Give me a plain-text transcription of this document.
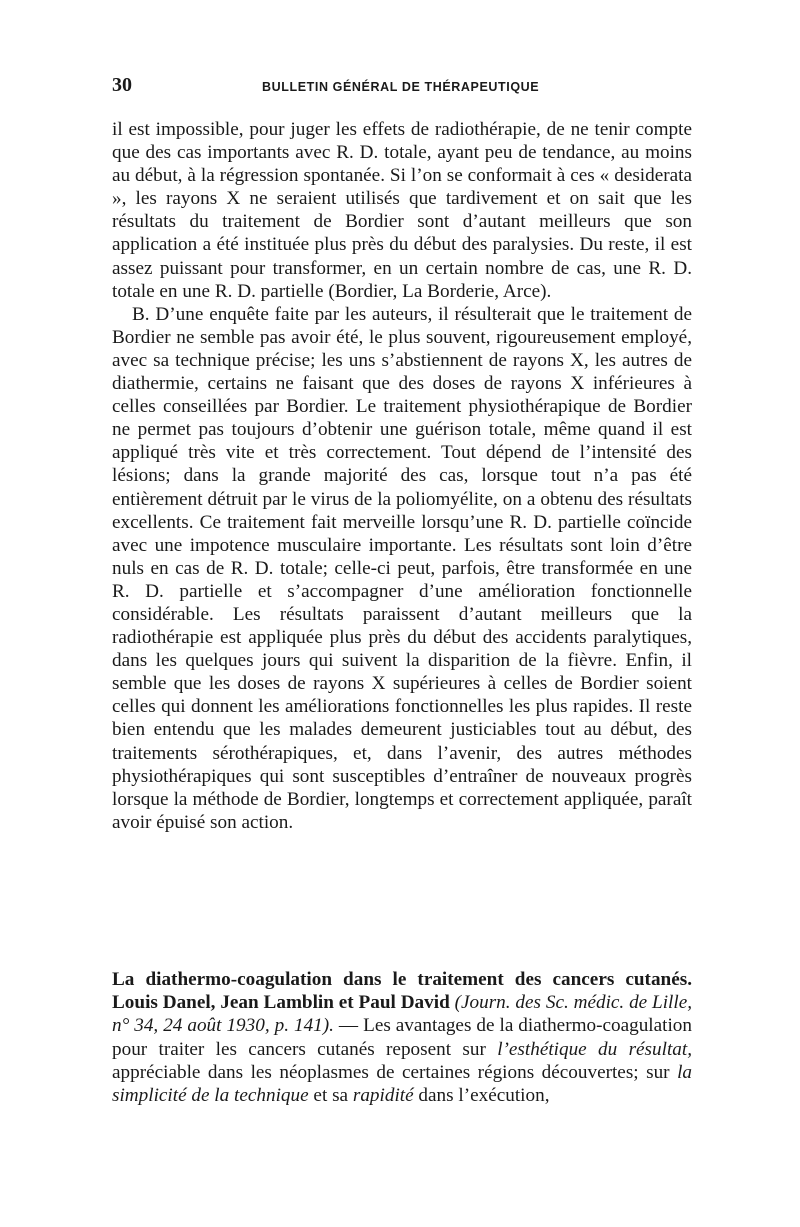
30	BULLETIN GÉNÉRAL DE THÉRAPEUTIQUE

il est impossible, pour juger les effets de radiothérapie, de ne tenir compte que des cas importants avec R. D. totale, ayant peu de tendance, au moins au début, à la régression spontanée. Si l’on se conformait à ces « desiderata », les rayons X ne seraient utilisés que tardivement et on sait que les résultats du traitement de Bordier sont d’autant meilleurs que son application a été instituée plus près du début des paralysies. Du reste, il est assez puissant pour transformer, en un certain nombre de cas, une R. D. totale en une R. D. partielle (Bordier, La Borderie, Arce).

B. D’une enquête faite par les auteurs, il résulterait que le traitement de Bordier ne semble pas avoir été, le plus souvent, rigoureusement employé, avec sa technique précise; les uns s’abstiennent de rayons X, les autres de diathermie, certains ne faisant que des doses de rayons X inférieures à celles conseillées par Bordier. Le traitement physiothérapique de Bordier ne permet pas toujours d’obtenir une guérison totale, même quand il est appliqué très vite et très correctement. Tout dépend de l’intensité des lésions; dans la grande majorité des cas, lorsque tout n’a pas été entièrement détruit par le virus de la poliomyélite, on a obtenu des résultats excellents. Ce traitement fait merveille lorsqu’une R. D. partielle coïncide avec une impotence musculaire importante. Les résultats sont loin d’être nuls en cas de R. D. totale; celle-ci peut, parfois, être transformée en une R. D. partielle et s’accompagner d’une amélioration fonctionnelle considérable. Les résultats paraissent d’autant meilleurs que la radiothérapie est appliquée plus près du début des accidents paralytiques, dans les quelques jours qui suivent la disparition de la fièvre. Enfin, il semble que les doses de rayons X supérieures à celles de Bordier soient celles qui donnent les améliorations fonctionnelles les plus rapides. Il reste bien entendu que les malades demeurent justiciables tout au début, des traitements sérothérapiques, et, dans l’avenir, des autres méthodes physiothérapiques qui sont susceptibles d’entraîner de nouveaux progrès lorsque la méthode de Bordier, longtemps et correctement appliquée, paraît avoir épuisé son action.

La diathermo-coagulation dans le traitement des cancers cutanés. Louis Danel, Jean Lamblin et Paul David (Journ. des Sc. médic. de Lille, n° 34, 24 août 1930, p. 141). — Les avantages de la diathermo-coagulation pour traiter les cancers cutanés reposent sur l’esthétique du résultat, appréciable dans les néoplasmes de certaines régions découvertes; sur la simplicité de la technique et sa rapidité dans l’exécution,
